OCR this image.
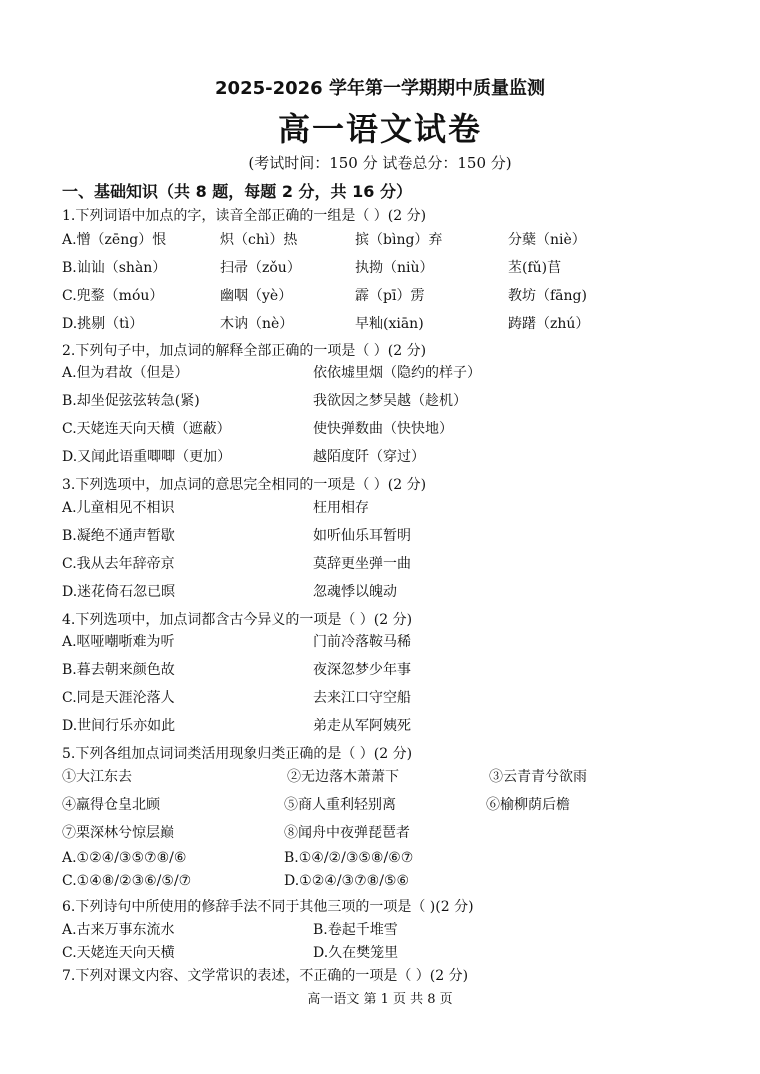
2025-2026 学年第一学期期中质量监测
高一语文试卷
(考试时间：150 分 试卷总分：150 分)
一、基础知识（共 8 题，每题 2 分，共 16 分）
1.下列词语中加点的字，读音全部正确的一组是（ ）(2 分)
A.憎（zēng）恨	炽（chì）热	摈（bìng）弃	分蘖（niè）
B.讪讪（shàn）	扫帚（zǒu）	执拗（niù）	苤(fǔ)苢
C.兜鍪（móu）	幽咽（yè）	霹（pī）雳	教坊（fāng)
D.挑剔（tì）	木讷（nè）	早籼(xiān)	踌躇（zhú）
2.下列句子中，加点词的解释全部正确的一项是（ ）(2 分)
A.但为君故（但是）	依依墟里烟（隐约的样子）
B.却坐促弦弦转急(紧)	我欲因之梦吴越（趁机）
C.天姥连天向天横（遮蔽）	使快弹数曲（快快地）
D.又闻此语重唧唧（更加）	越陌度阡（穿过）
3.下列选项中，加点词的意思完全相同的一项是（ ）(2 分)
A.儿童相见不相识	枉用相存
B.凝绝不通声暂歇	如听仙乐耳暂明
C.我从去年辞帝京	莫辞更坐弹一曲
D.迷花倚石忽已暝	忽魂悸以魄动
4.下列选项中，加点词都含古今异义的一项是（ ）(2 分)
A.呕哑嘲哳难为听	门前冷落鞍马稀
B.暮去朝来颜色故	夜深忽梦少年事
C.同是天涯沦落人	去来江口守空船
D.世间行乐亦如此	弟走从军阿姨死
5.下列各组加点词词类活用现象归类正确的是（ ）(2 分)
①大江东去	②无边落木萧萧下	③云青青兮欲雨
④羸得仓皇北顾	⑤商人重利轻别离	⑥榆柳荫后檐
⑦栗深林兮惊层巅	⑧闻舟中夜弹琵琶者
A.①②④/③⑤⑦⑧/⑥	B.①④/②/③⑤⑧/⑥⑦
C.①④⑧/②③⑥/⑤/⑦	D.①②④/③⑦⑧/⑤⑥
6.下列诗句中所使用的修辞手法不同于其他三项的一项是（ )(2 分)
A.古来万事东流水	B.卷起千堆雪
C.天姥连天向天横	D.久在樊笼里
7.下列对课文内容、文学常识的表述，不正确的一项是（ ）(2 分)
高一语文 第 1 页 共 8 页
